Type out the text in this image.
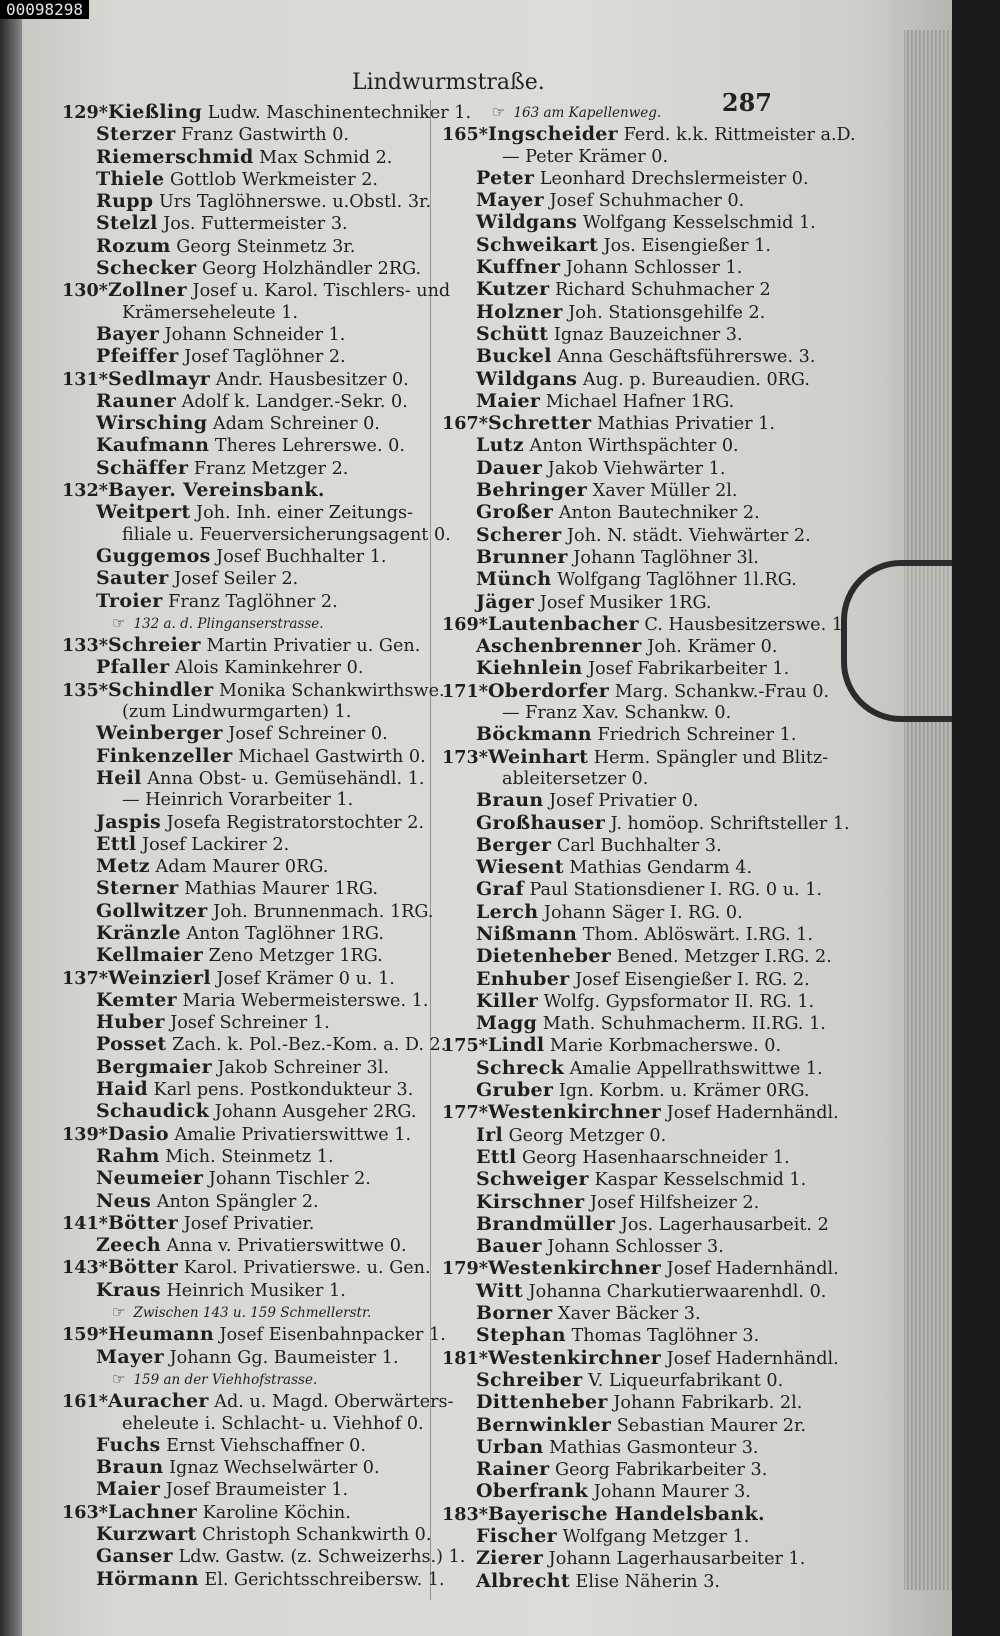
Lindwurmstraße.
287
129*Kießling Ludw. Maschinentechniker 1.
Sterzer Franz Gastwirth 0.
Riemerschmid Max Schmid 2.
Thiele Gottlob Werkmeister 2.
Rupp Urs Taglöhnerswe. u.Obstl. 3r.
Stelzl Jos. Futtermeister 3.
Rozum Georg Steinmetz 3r.
Schecker Georg Holzhändler 2RG.
130*Zollner Josef u. Karol. Tischlers- und
Krämerseheleute 1.
Bayer Johann Schneider 1.
Pfeiffer Josef Taglöhner 2.
131*Sedlmayr Andr. Hausbesitzer 0.
Rauner Adolf k. Landger.-Sekr. 0.
Wirsching Adam Schreiner 0.
Kaufmann Theres Lehrerswe. 0.
Schäffer Franz Metzger 2.
132*Bayer. Vereinsbank.
Weitpert Joh. Inh. einer Zeitungs-
filiale u. Feuerversicherungsagent 0.
Guggemos Josef Buchhalter 1.
Sauter Josef Seiler 2.
Troier Franz Taglöhner 2.
☞ 132 a. d. Plinganserstrasse.
133*Schreier Martin Privatier u. Gen.
Pfaller Alois Kaminkehrer 0.
135*Schindler Monika Schankwirthswe.
(zum Lindwurmgarten) 1.
Weinberger Josef Schreiner 0.
Finkenzeller Michael Gastwirth 0.
Heil Anna Obst- u. Gemüsehändl. 1.
— Heinrich Vorarbeiter 1.
Jaspis Josefa Registratorstochter 2.
Ettl Josef Lackirer 2.
Metz Adam Maurer 0RG.
Sterner Mathias Maurer 1RG.
Gollwitzer Joh. Brunnenmach. 1RG.
Kränzle Anton Taglöhner 1RG.
Kellmaier Zeno Metzger 1RG.
137*Weinzierl Josef Krämer 0 u. 1.
Kemter Maria Webermeisterswe. 1.
Huber Josef Schreiner 1.
Posset Zach. k. Pol.-Bez.-Kom. a. D. 2.
Bergmaier Jakob Schreiner 3l.
Haid Karl pens. Postkondukteur 3.
Schaudick Johann Ausgeher 2RG.
139*Dasio Amalie Privatierswittwe 1.
Rahm Mich. Steinmetz 1.
Neumeier Johann Tischler 2.
Neus Anton Spängler 2.
141*Bötter Josef Privatier.
Zeech Anna v. Privatierswittwe 0.
143*Bötter Karol. Privatierswe. u. Gen.
Kraus Heinrich Musiker 1.
☞ Zwischen 143 u. 159 Schmellerstr.
159*Heumann Josef Eisenbahnpacker 1.
Mayer Johann Gg. Baumeister 1.
☞ 159 an der Viehhofstrasse.
161*Auracher Ad. u. Magd. Oberwärters-
eheleute i. Schlacht- u. Viehhof 0.
Fuchs Ernst Viehschaffner 0.
Braun Ignaz Wechselwärter 0.
Maier Josef Braumeister 1.
163*Lachner Karoline Köchin.
Kurzwart Christoph Schankwirth 0.
Ganser Ldw. Gastw. (z. Schweizerhs.) 1.
Hörmann El. Gerichtsschreibersw. 1.
☞ 163 am Kapellenweg.
165*Ingscheider Ferd. k.k. Rittmeister a.D.
— Peter Krämer 0.
Peter Leonhard Drechslermeister 0.
Mayer Josef Schuhmacher 0.
Wildgans Wolfgang Kesselschmid 1.
Schweikart Jos. Eisengießer 1.
Kuffner Johann Schlosser 1.
Kutzer Richard Schuhmacher 2
Holzner Joh. Stationsgehilfe 2.
Schütt Ignaz Bauzeichner 3.
Buckel Anna Geschäftsführerswe. 3.
Wildgans Aug. p. Bureaudien. 0RG.
Maier Michael Hafner 1RG.
167*Schretter Mathias Privatier 1.
Lutz Anton Wirthspächter 0.
Dauer Jakob Viehwärter 1.
Behringer Xaver Müller 2l.
Großer Anton Bautechniker 2.
Scherer Joh. N. städt. Viehwärter 2.
Brunner Johann Taglöhner 3l.
Münch Wolfgang Taglöhner 1l.RG.
Jäger Josef Musiker 1RG.
169*Lautenbacher C. Hausbesitzerswe. 1.
Aschenbrenner Joh. Krämer 0.
Kiehnlein Josef Fabrikarbeiter 1.
171*Oberdorfer Marg. Schankw.-Frau 0.
— Franz Xav. Schankw. 0.
Böckmann Friedrich Schreiner 1.
173*Weinhart Herm. Spängler und Blitz-
ableitersetzer 0.
Braun Josef Privatier 0.
Großhauser J. homöop. Schriftsteller 1.
Berger Carl Buchhalter 3.
Wiesent Mathias Gendarm 4.
Graf Paul Stationsdiener I. RG. 0 u. 1.
Lerch Johann Säger I. RG. 0.
Nißmann Thom. Ablöswärt. I.RG. 1.
Dietenheber Bened. Metzger I.RG. 2.
Enhuber Josef Eisengießer I. RG. 2.
Killer Wolfg. Gypsformator II. RG. 1.
Magg Math. Schuhmacherm. II.RG. 1.
175*Lindl Marie Korbmacherswe. 0.
Schreck Amalie Appellrathswittwe 1.
Gruber Ign. Korbm. u. Krämer 0RG.
177*Westenkirchner Josef Hadernhändl.
Irl Georg Metzger 0.
Ettl Georg Hasenhaarschneider 1.
Schweiger Kaspar Kesselschmid 1.
Kirschner Josef Hilfsheizer 2.
Brandmüller Jos. Lagerhausarbeit. 2
Bauer Johann Schlosser 3.
179*Westenkirchner Josef Hadernhändl.
Witt Johanna Charkutierwaarenhdl. 0.
Borner Xaver Bäcker 3.
Stephan Thomas Taglöhner 3.
181*Westenkirchner Josef Hadernhändl.
Schreiber V. Liqueurfabrikant 0.
Dittenheber Johann Fabrikarb. 2l.
Bernwinkler Sebastian Maurer 2r.
Urban Mathias Gasmonteur 3.
Rainer Georg Fabrikarbeiter 3.
Oberfrank Johann Maurer 3.
183*Bayerische Handelsbank.
Fischer Wolfgang Metzger 1.
Zierer Johann Lagerhausarbeiter 1.
Albrecht Elise Näherin 3.
00098298
